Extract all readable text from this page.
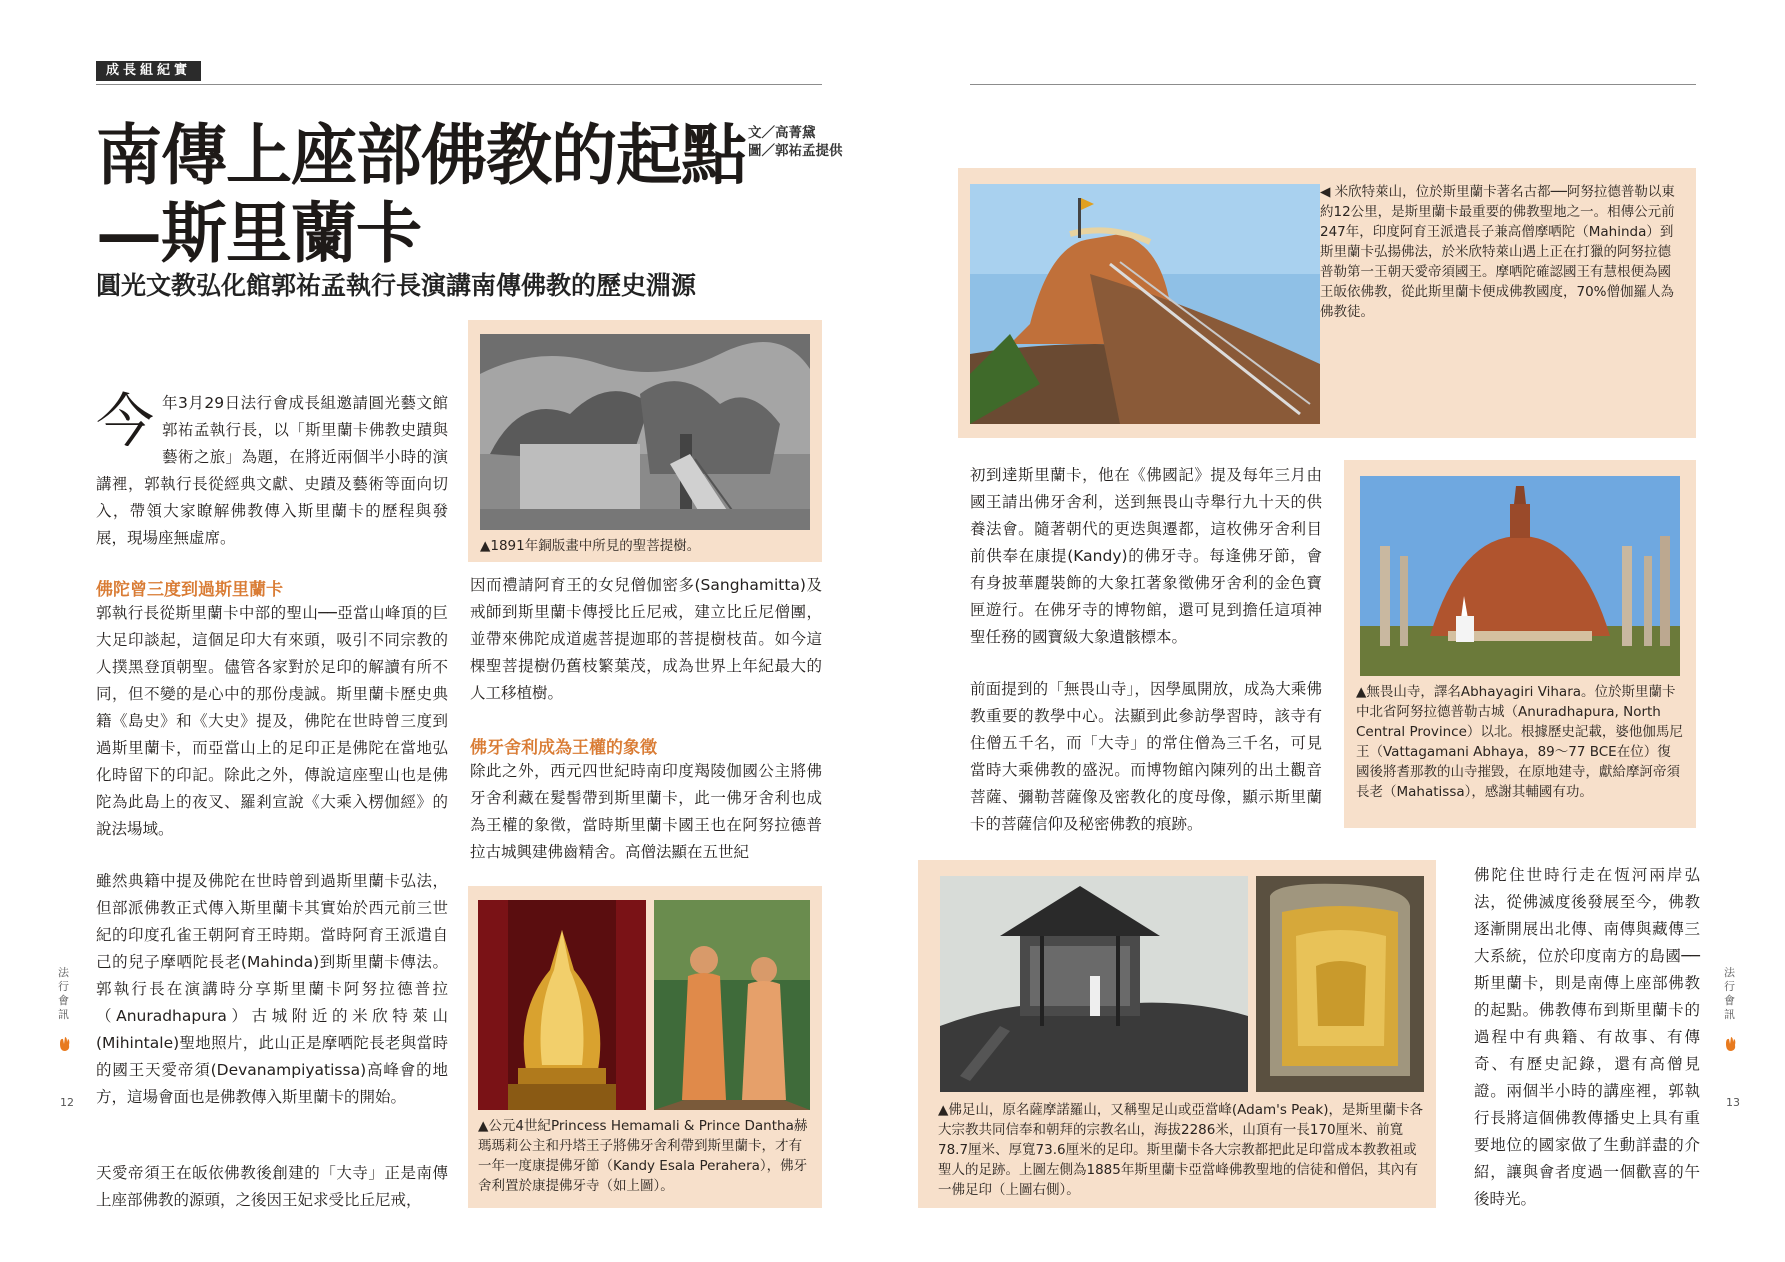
成長組紀實
南傳上座部佛教的起點
—斯里蘭卡
文／高菁黛
圖／郭祐孟提供
圓光文教弘化館郭祐孟執行長演講南傳佛教的歷史淵源
今年3月29日法行會成長組邀請圓光藝文館郭祐孟執行長，以「斯里蘭卡佛教史蹟與藝術之旅」為題，在將近兩個半小時的演講裡，郭執行長從經典文獻、史蹟及藝術等面向切入，帶領大家瞭解佛教傳入斯里蘭卡的歷程與發展，現場座無虛席。
佛陀曾三度到過斯里蘭卡
郭執行長從斯里蘭卡中部的聖山──亞當山峰頂的巨大足印談起，這個足印大有來頭，吸引不同宗教的人撲黑登頂朝聖。儘管各家對於足印的解讀有所不同，但不變的是心中的那份虔誠。斯里蘭卡歷史典籍《島史》和《大史》提及，佛陀在世時曾三度到過斯里蘭卡，而亞當山上的足印正是佛陀在當地弘化時留下的印記。除此之外，傳說這座聖山也是佛陀為此島上的夜叉、羅剎宣說《大乘入楞伽經》的說法場域。
雖然典籍中提及佛陀在世時曾到過斯里蘭卡弘法，但部派佛教正式傳入斯里蘭卡其實始於西元前三世紀的印度孔雀王朝阿育王時期。當時阿育王派遣自己的兒子摩哂陀長老(Mahinda)到斯里蘭卡傳法。郭執行長在演講時分享斯里蘭卡阿努拉德普拉（Anuradhapura）古城附近的米欣特萊山(Mihintale)聖地照片，此山正是摩哂陀長老與當時的國王天愛帝須(Devanampiyatissa)高峰會的地方，這場會面也是佛教傳入斯里蘭卡的開始。
天愛帝須王在皈依佛教後創建的「大寺」正是南傳上座部佛教的源頭，之後因王妃求受比丘尼戒，
▲1891年銅版畫中所見的聖菩提樹。
因而禮請阿育王的女兒僧伽密多(Sanghamitta)及戒師到斯里蘭卡傳授比丘尼戒，建立比丘尼僧團，並帶來佛陀成道處菩提迦耶的菩提樹枝苗。如今這棵聖菩提樹仍舊枝繁葉茂，成為世界上年紀最大的人工移植樹。
佛牙舍利成為王權的象徵
除此之外，西元四世紀時南印度羯陵伽國公主將佛牙舍利藏在髮髻帶到斯里蘭卡，此一佛牙舍利也成為王權的象徵，當時斯里蘭卡國王也在阿努拉德普拉古城興建佛齒精舍。高僧法顯在五世紀
▲公元4世紀Princess Hemamali & Prince Dantha赫瑪瑪莉公主和丹塔王子將佛牙舍利帶到斯里蘭卡，才有一年一度康提佛牙節（Kandy Esala Perahera），佛牙舍利置於康提佛牙寺（如上圖）。
法行會訊
12
◀ 米欣特萊山，位於斯里蘭卡著名古都──阿努拉德普勒以東約12公里，是斯里蘭卡最重要的佛教聖地之一。相傳公元前247年，印度阿育王派遣長子兼高僧摩哂陀（Mahinda）到斯里蘭卡弘揚佛法，於米欣特萊山遇上正在打獵的阿努拉德普勒第一王朝天愛帝須國王。摩哂陀確認國王有慧根便為國王皈依佛教，從此斯里蘭卡便成佛教國度，70%僧伽羅人為佛教徒。
初到達斯里蘭卡，他在《佛國記》提及每年三月由國王請出佛牙舍利，送到無畏山寺舉行九十天的供養法會。隨著朝代的更迭與遷都，這枚佛牙舍利目前供奉在康提(Kandy)的佛牙寺。每逢佛牙節，會有身披華麗裝飾的大象扛著象徵佛牙舍利的金色寶匣遊行。在佛牙寺的博物館，還可見到擔任這項神聖任務的國寶級大象遺骸標本。
前面提到的「無畏山寺」，因學風開放，成為大乘佛教重要的教學中心。法顯到此參訪學習時，該寺有住僧五千名，而「大寺」的常住僧為三千名，可見當時大乘佛教的盛況。而博物館內陳列的出土觀音菩薩、彌勒菩薩像及密教化的度母像，顯示斯里蘭卡的菩薩信仰及秘密佛教的痕跡。
▲無畏山寺，譯名Abhayagiri Vihara。位於斯里蘭卡中北省阿努拉德普勒古城（Anuradhapura, North Central Province）以北。根據歷史記載，婆他伽馬尼王（Vattagamani Abhaya，89～77 BCE在位）復國後將耆那教的山寺摧毀，在原地建寺，獻給摩訶帝須長老（Mahatissa），感謝其輔國有功。
▲佛足山，原名薩摩諾羅山，又稱聖足山或亞當峰(Adam's Peak)，是斯里蘭卡各大宗教共同信奉和朝拜的宗教名山，海拔2286米，山頂有一長170厘米、前寬78.7厘米、厚寬73.6厘米的足印。斯里蘭卡各大宗教都把此足印當成本教教祖或聖人的足跡。上圖左側為1885年斯里蘭卡亞當峰佛教聖地的信徒和僧侶，其內有一佛足印（上圖右側）。
佛陀住世時行走在恆河兩岸弘法，從佛滅度後發展至今，佛教逐漸開展出北傳、南傳與藏傳三大系統，位於印度南方的島國──斯里蘭卡，則是南傳上座部佛教的起點。佛教傳布到斯里蘭卡的過程中有典籍、有故事、有傳奇、有歷史記錄，還有高僧見證。兩個半小時的講座裡，郭執行長將這個佛教傳播史上具有重要地位的國家做了生動詳盡的介紹，讓與會者度過一個歡喜的午後時光。
法行會訊
13
